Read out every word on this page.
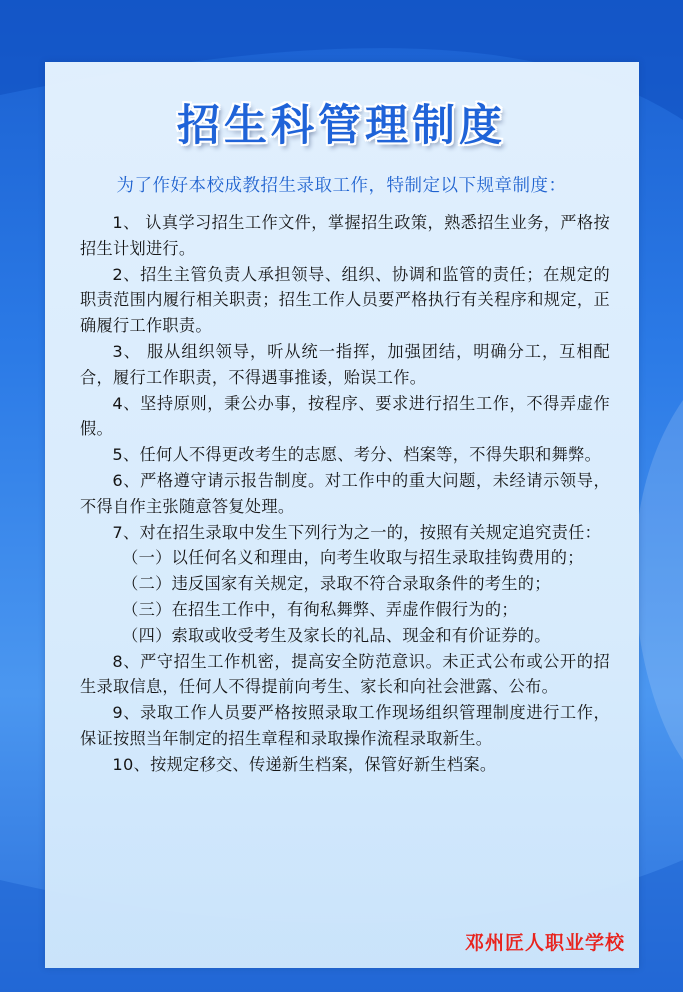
招生科管理制度
为了作好本校成教招生录取工作，特制定以下规章制度：

1、 认真学习招生工作文件，掌握招生政策，熟悉招生业务，严格按招生计划进行。

2、招生主管负责人承担领导、组织、协调和监管的责任；在规定的职责范围内履行相关职责；招生工作人员要严格执行有关程序和规定，正确履行工作职责。

3、 服从组织领导，听从统一指挥，加强团结，明确分工，互相配合，履行工作职责，不得遇事推诿，贻误工作。

4、坚持原则，秉公办事，按程序、要求进行招生工作，不得弄虚作假。

5、任何人不得更改考生的志愿、考分、档案等，不得失职和舞弊。

6、严格遵守请示报告制度。对工作中的重大问题，未经请示领导，不得自作主张随意答复处理。

7、对在招生录取中发生下列行为之一的，按照有关规定追究责任：

（一）以任何名义和理由，向考生收取与招生录取挂钩费用的；

（二）违反国家有关规定，录取不符合录取条件的考生的；

（三）在招生工作中，有徇私舞弊、弄虚作假行为的；

（四）索取或收受考生及家长的礼品、现金和有价证券的。

8、严守招生工作机密，提高安全防范意识。未正式公布或公开的招生录取信息，任何人不得提前向考生、家长和向社会泄露、公布。

9、录取工作人员要严格按照录取工作现场组织管理制度进行工作，保证按照当年制定的招生章程和录取操作流程录取新生。

10、按规定移交、传递新生档案，保管好新生档案。

邓州匠人职业学校
